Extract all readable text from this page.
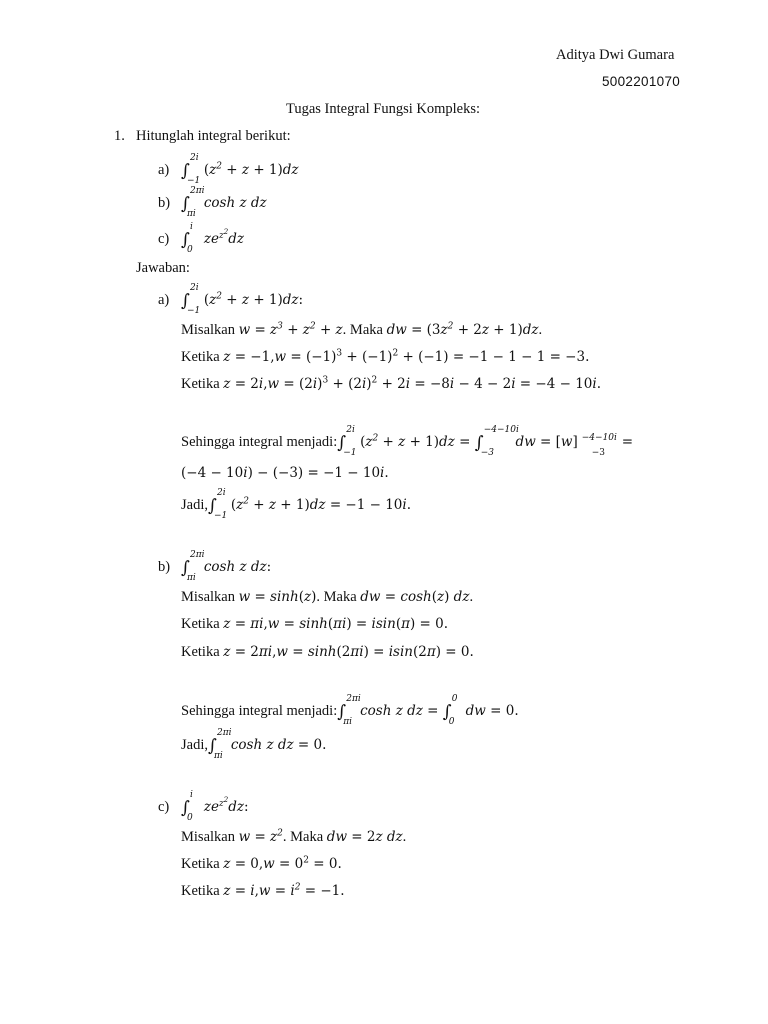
Aditya Dwi Gumara
5002201070
Tugas Integral Fungsi Kompleks:
1. Hitunglah integral berikut:
a) ∫
2i
−1
$(z^2 + z + 1)dz$
b) ∫
2πi
πi
cosh z dz
c) ∫
i
0
$ze^{z^2}dz$
Jawaban:
a) ∫
2i
−1
$(z^2 + z + 1)dz$:
Misalkan $w = z^3 + z^2 + z$. Maka dw = $(3z^2 + 2z + 1)dz$.
Ketika $z = -1,w = (-1)^3 + (-1)^2 + (-1) = -1 - 1 - 1 = -3$.
Ketika $z = 2i,w = (2i)^3 + (2i)^2 + 2i = -8i - 4 - 2i = -4 - 10i$.
Sehingga integral menjadi:∫
2i
−1
$(z^2 + z + 1)dz$ = ∫
−4−10i
−3
dw = [w] −4−10i
−3
=
(−4 − 10i) − (−3) = −1 − 10i.
Jadi,∫
2i
−1
$(z^2 + z + 1)dz = -1 - 10i$.
b) ∫
2πi
πi
cosh z dz:
Misalkan w = sinh(z). Maka dw = cosh(z) dz.
Ketika z = πi,w = sinh(πi) = isin(π) = 0.
Ketika z = 2πi,w = sinh(2πi) = isin(2π) = 0.
Sehingga integral menjadi:∫
2πi
πi
cosh z dz = ∫
0
0
dw = 0.
Jadi,∫
2πi
πi
cosh z dz = 0.
c) ∫
i
0
$ze^{z^2}dz$:
Misalkan $w = z^2$. Maka dw = 2z dz.
Ketika $z = 0,w = 0^2 = 0$.
Ketika $z = i,w = i^2 = -1$.
